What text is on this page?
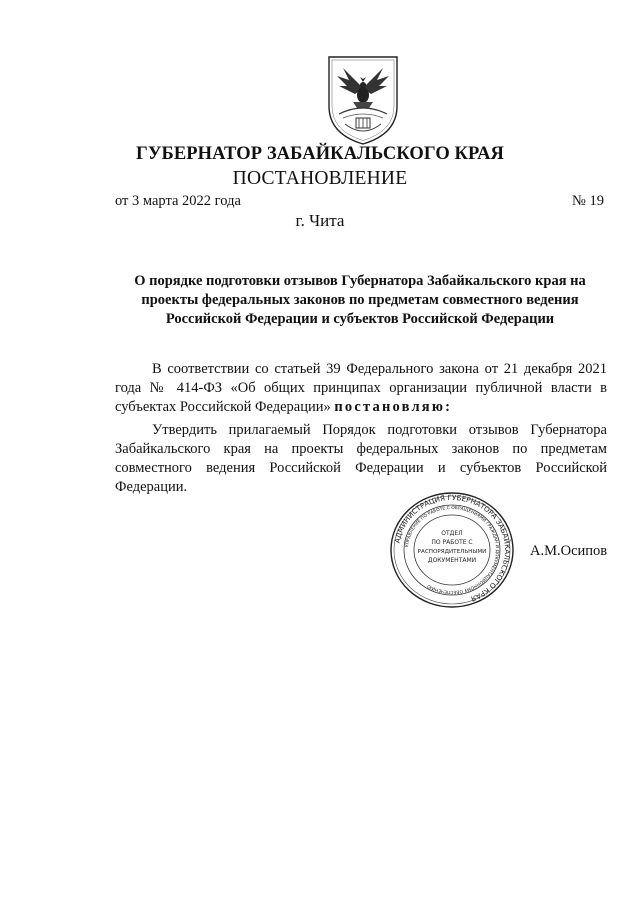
ГУБЕРНАТОР ЗАБАЙКАЛЬСКОГО КРАЯ
ПОСТАНОВЛЕНИЕ
от 3 марта 2022 года	№ 19
г. Чита
О порядке подготовки отзывов Губернатора Забайкальского края на
проекты федеральных законов по предметам совместного ведения
Российской Федерации и субъектов Российской Федерации
В соответствии со статьей 39 Федерального закона от 21 декабря 2021 года № 414-ФЗ «Об общих принципах организации публичной власти в субъектах Российской Федерации» постановляю:
Утвердить прилагаемый Порядок подготовки отзывов Губернатора Забайкальского края на проекты федеральных законов по предметам совместного ведения Российской Федерации и субъектов Российской Федерации.
АДМИНИСТРАЦИЯ ГУБЕРНАТОРА ЗАБАЙКАЛЬСКОГО КРАЯ
УПРАВЛЕНИЕ ПО РАБОТЕ С ОБРАЩЕНИЯМИ ГРАЖДАН И ДОКУМЕНТАЦИОННОМУ ОБЕСПЕЧЕНИЮ
ОТДЕЛ
ПО РАБОТЕ С
РАСПОРЯДИТЕЛЬНЫМИ
ДОКУМЕНТАМИ
А.М.Осипов
